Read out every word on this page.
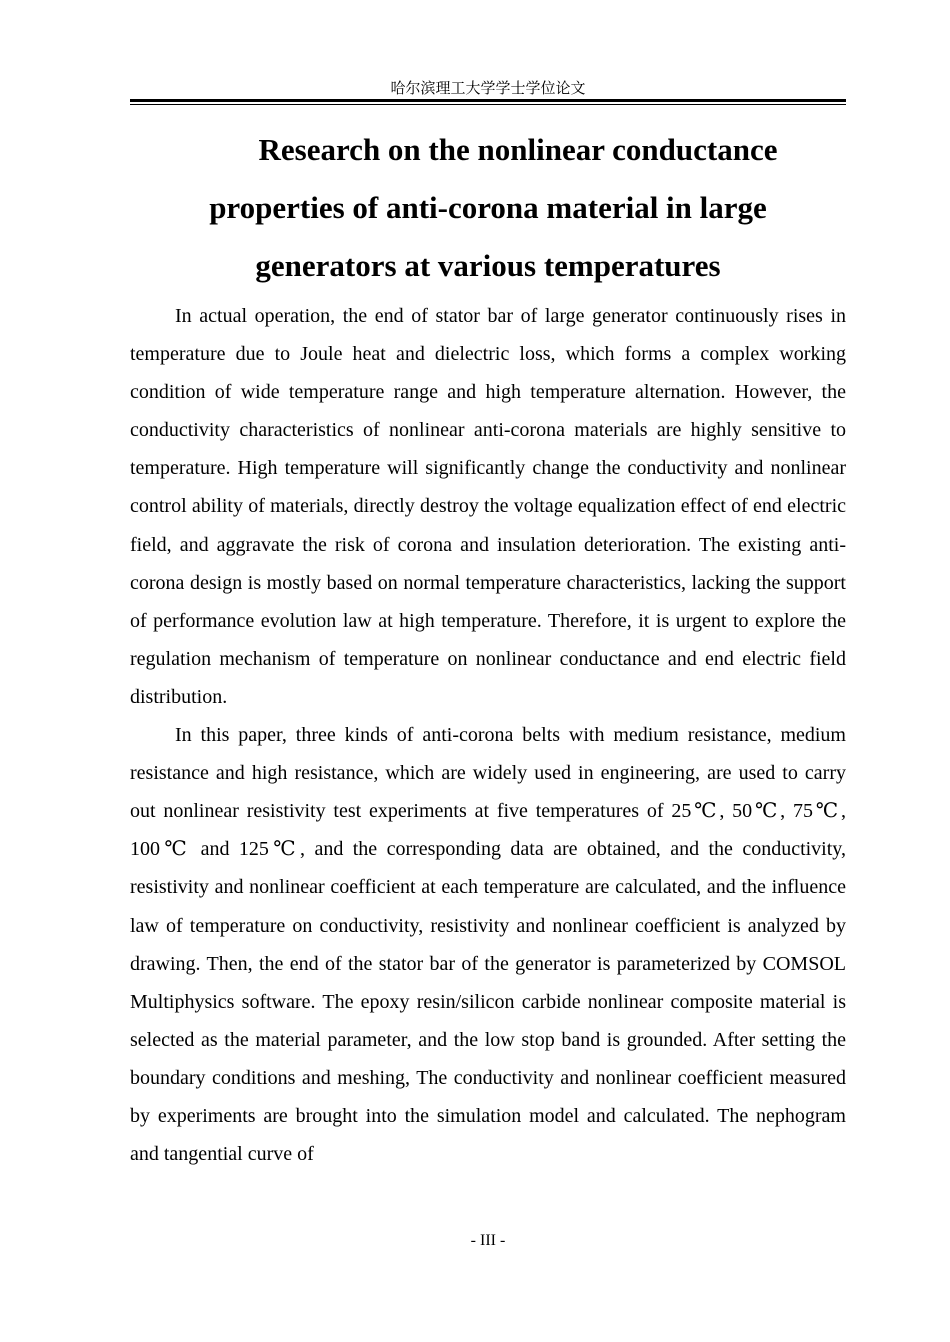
哈尔滨理工大学学士学位论文
Research on the nonlinear conductance
properties of anti-corona material in large
generators at various temperatures

In actual operation, the end of stator bar of large generator continuously rises in temperature due to Joule heat and dielectric loss, which forms a complex working condition of wide temperature range and high temperature alternation. However, the conductivity characteristics of nonlinear anti-corona materials are highly sensitive to temperature. High temperature will significantly change the conductivity and nonlinear control ability of materials, directly destroy the voltage equalization effect of end electric field, and aggravate the risk of corona and insulation deterioration. The existing anti-corona design is mostly based on normal temperature characteristics, lacking the support of performance evolution law at high temperature. Therefore, it is urgent to explore the regulation mechanism of temperature on nonlinear conductance and end electric field distribution.

In this paper, three kinds of anti-corona belts with medium resistance, medium resistance and high resistance, which are widely used in engineering, are used to carry out nonlinear resistivity test experiments at five temperatures of 25℃, 50℃, 75℃, 100℃ and 125℃, and the corresponding data are obtained, and the conductivity, resistivity and nonlinear coefficient at each temperature are calculated, and the influence law of temperature on conductivity, resistivity and nonlinear coefficient is analyzed by drawing. Then, the end of the stator bar of the generator is parameterized by COMSOL Multiphysics software. The epoxy resin/silicon carbide nonlinear composite material is selected as the material parameter, and the low stop band is grounded. After setting the boundary conditions and meshing, The conductivity and nonlinear coefficient measured by experiments are brought into the simulation model and calculated. The nephogram and tangential curve of

- III -
